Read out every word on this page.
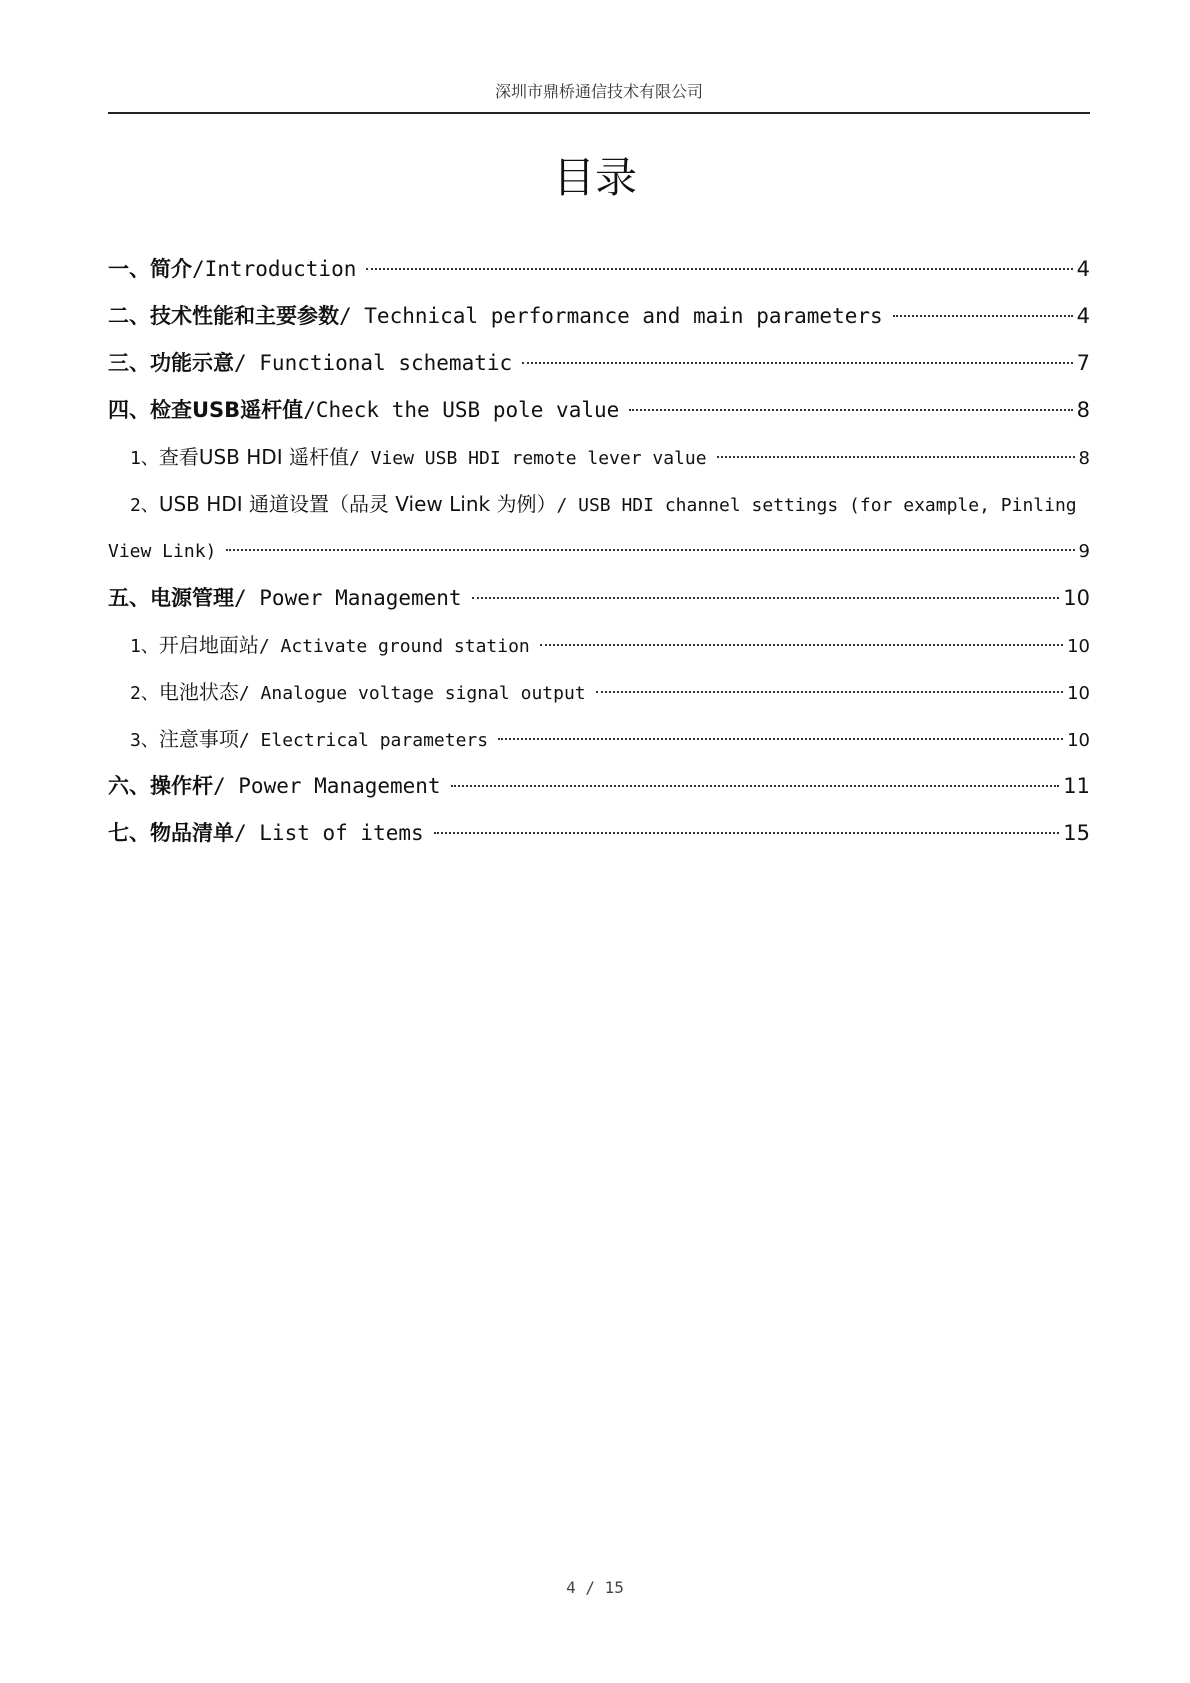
深圳市鼎桥通信技术有限公司
目录
一、简介/Introduction	4
二、技术性能和主要参数/ Technical performance and main parameters	4
三、功能示意/ Functional schematic	7
四、检查USB遥杆值/Check the USB pole value	8
1、查看USB HDI 遥杆值/ View USB HDI remote lever value	8
2、USB HDI 通道设置（品灵 View Link 为例）/ USB HDI channel settings (for example, Pinling
View Link)	9
五、电源管理/ Power Management	10
1、开启地面站/ Activate ground station	10
2、电池状态/ Analogue voltage signal output	10
3、注意事项/ Electrical parameters	10
六、操作杆/ Power Management	11
七、物品清单/ List of items	15
4 / 15
